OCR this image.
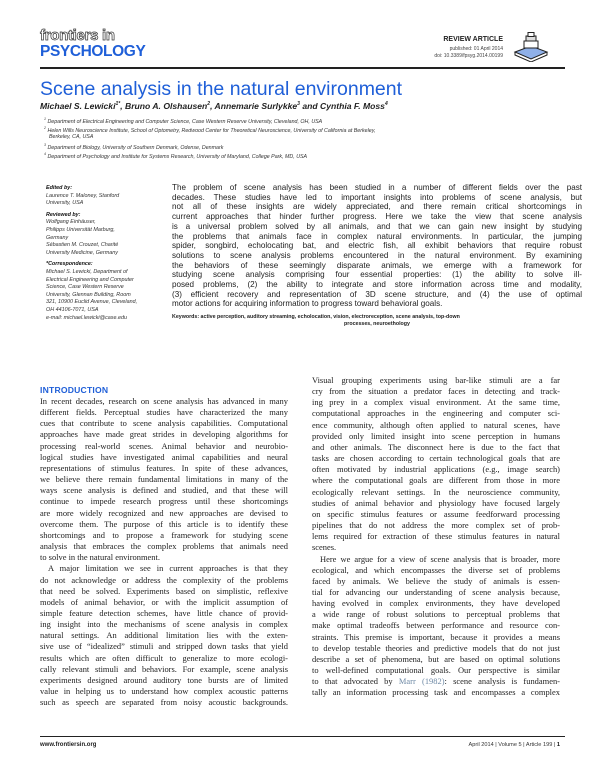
frontiers in
PSYCHOLOGY
REVIEW ARTICLE
published: 01 April 2014
doi: 10.3389/fpsyg.2014.00199
Scene analysis in the natural environment
Michael S. Lewicki$^{1*}$, Bruno A. Olshausen$^2$, Annemarie Surlykke$^3$ and Cynthia F. Moss$^4$
$^1$ Department of Electrical Engineering and Computer Science, Case Western Reserve University, Cleveland, OH, USA
$^2$ Helen Wills Neuroscience Institute, School of Optometry, Redwood Center for Theoretical Neuroscience, University of California at Berkeley,
Berkeley, CA, USA
$^3$ Department of Biology, University of Southern Denmark, Odense, Denmark
$^4$ Department of Psychology and Institute for Systems Research, University of Maryland, College Park, MD, USA
Edited by:
Laurence T. Maloney, Stanford
University, USA
Reviewed by:
Wolfgang Einhäuser,
Philipps Universität Marburg,
Germany
Sébastien M. Crouzet, Charité
University Medicine, Germany
*Correspondence:
Michael S. Lewicki, Department of
Electrical Engineering and Computer
Science, Case Western Reserve
University, Glennan Building, Room
321, 10900 Euclid Avenue, Cleveland,
OH 44106-7071, USA
e-mail: michael.lewicki@case.edu
The problem of scene analysis has been studied in a number of different fields over the past
decades. These studies have led to important insights into problems of scene analysis, but
not all of these insights are widely appreciated, and there remain critical shortcomings in
current approaches that hinder further progress. Here we take the view that scene analysis
is a universal problem solved by all animals, and that we can gain new insight by studying
the problems that animals face in complex natural environments. In particular, the jumping
spider, songbird, echolocating bat, and electric fish, all exhibit behaviors that require robust
solutions to scene analysis problems encountered in the natural environment. By examining
the behaviors of these seemingly disparate animals, we emerge with a framework for
studying scene analysis comprising four essential properties: (1) the ability to solve ill-
posed problems, (2) the ability to integrate and store information across time and modality,
(3) efficient recovery and representation of 3D scene structure, and (4) the use of optimal
motor actions for acquiring information to progress toward behavioral goals.
Keywords: active perception, auditory streaming, echolocation, vision, electroreception, scene analysis, top-down
processes, neuroethology
INTRODUCTION
In recent decades, research on scene analysis has advanced in many
different fields. Perceptual studies have characterized the many
cues that contribute to scene analysis capabilities. Computational
approaches have made great strides in developing algorithms for
processing real-world scenes. Animal behavior and neurobio-
logical studies have investigated animal capabilities and neural
representations of stimulus features. In spite of these advances,
we believe there remain fundamental limitations in many of the
ways scene analysis is defined and studied, and that these will
continue to impede research progress until these shortcomings
are more widely recognized and new approaches are devised to
overcome them. The purpose of this article is to identify these
shortcomings and to propose a framework for studying scene
analysis that embraces the complex problems that animals need
to solve in the natural environment.
A major limitation we see in current approaches is that they
do not acknowledge or address the complexity of the problems
that need be solved. Experiments based on simplistic, reflexive
models of animal behavior, or with the implicit assumption of
simple feature detection schemes, have little chance of provid-
ing insight into the mechanisms of scene analysis in complex
natural settings. An additional limitation lies with the exten-
sive use of “idealized” stimuli and stripped down tasks that yield
results which are often difficult to generalize to more ecologi-
cally relevant stimuli and behaviors. For example, scene analysis
experiments designed around auditory tone bursts are of limited
value in helping us to understand how complex acoustic patterns
such as speech are separated from noisy acoustic backgrounds.
Visual grouping experiments using bar-like stimuli are a far
cry from the situation a predator faces in detecting and track-
ing prey in a complex visual environment. At the same time,
computational approaches in the engineering and computer sci-
ence community, although often applied to natural scenes, have
provided only limited insight into scene perception in humans
and other animals. The disconnect here is due to the fact that
tasks are chosen according to certain technological goals that are
often motivated by industrial applications (e.g., image search)
where the computational goals are different from those in more
ecologically relevant settings. In the neuroscience community,
studies of animal behavior and physiology have focused largely
on specific stimulus features or assume feedforward processing
pipelines that do not address the more complex set of prob-
lems required for extraction of these stimulus features in natural
scenes.
Here we argue for a view of scene analysis that is broader, more
ecological, and which encompasses the diverse set of problems
faced by animals. We believe the study of animals is essen-
tial for advancing our understanding of scene analysis because,
having evolved in complex environments, they have developed
a wide range of robust solutions to perceptual problems that
make optimal tradeoffs between performance and resource con-
straints. This premise is important, because it provides a means
to develop testable theories and predictive models that do not just
describe a set of phenomena, but are based on optimal solutions
to well-defined computational goals. Our perspective is similar
to that advocated by Marr (1982): scene analysis is fundamen-
tally an information processing task and encompasses a complex
www.frontiersin.org	April 2014 | Volume 5 | Article 199 | 1
